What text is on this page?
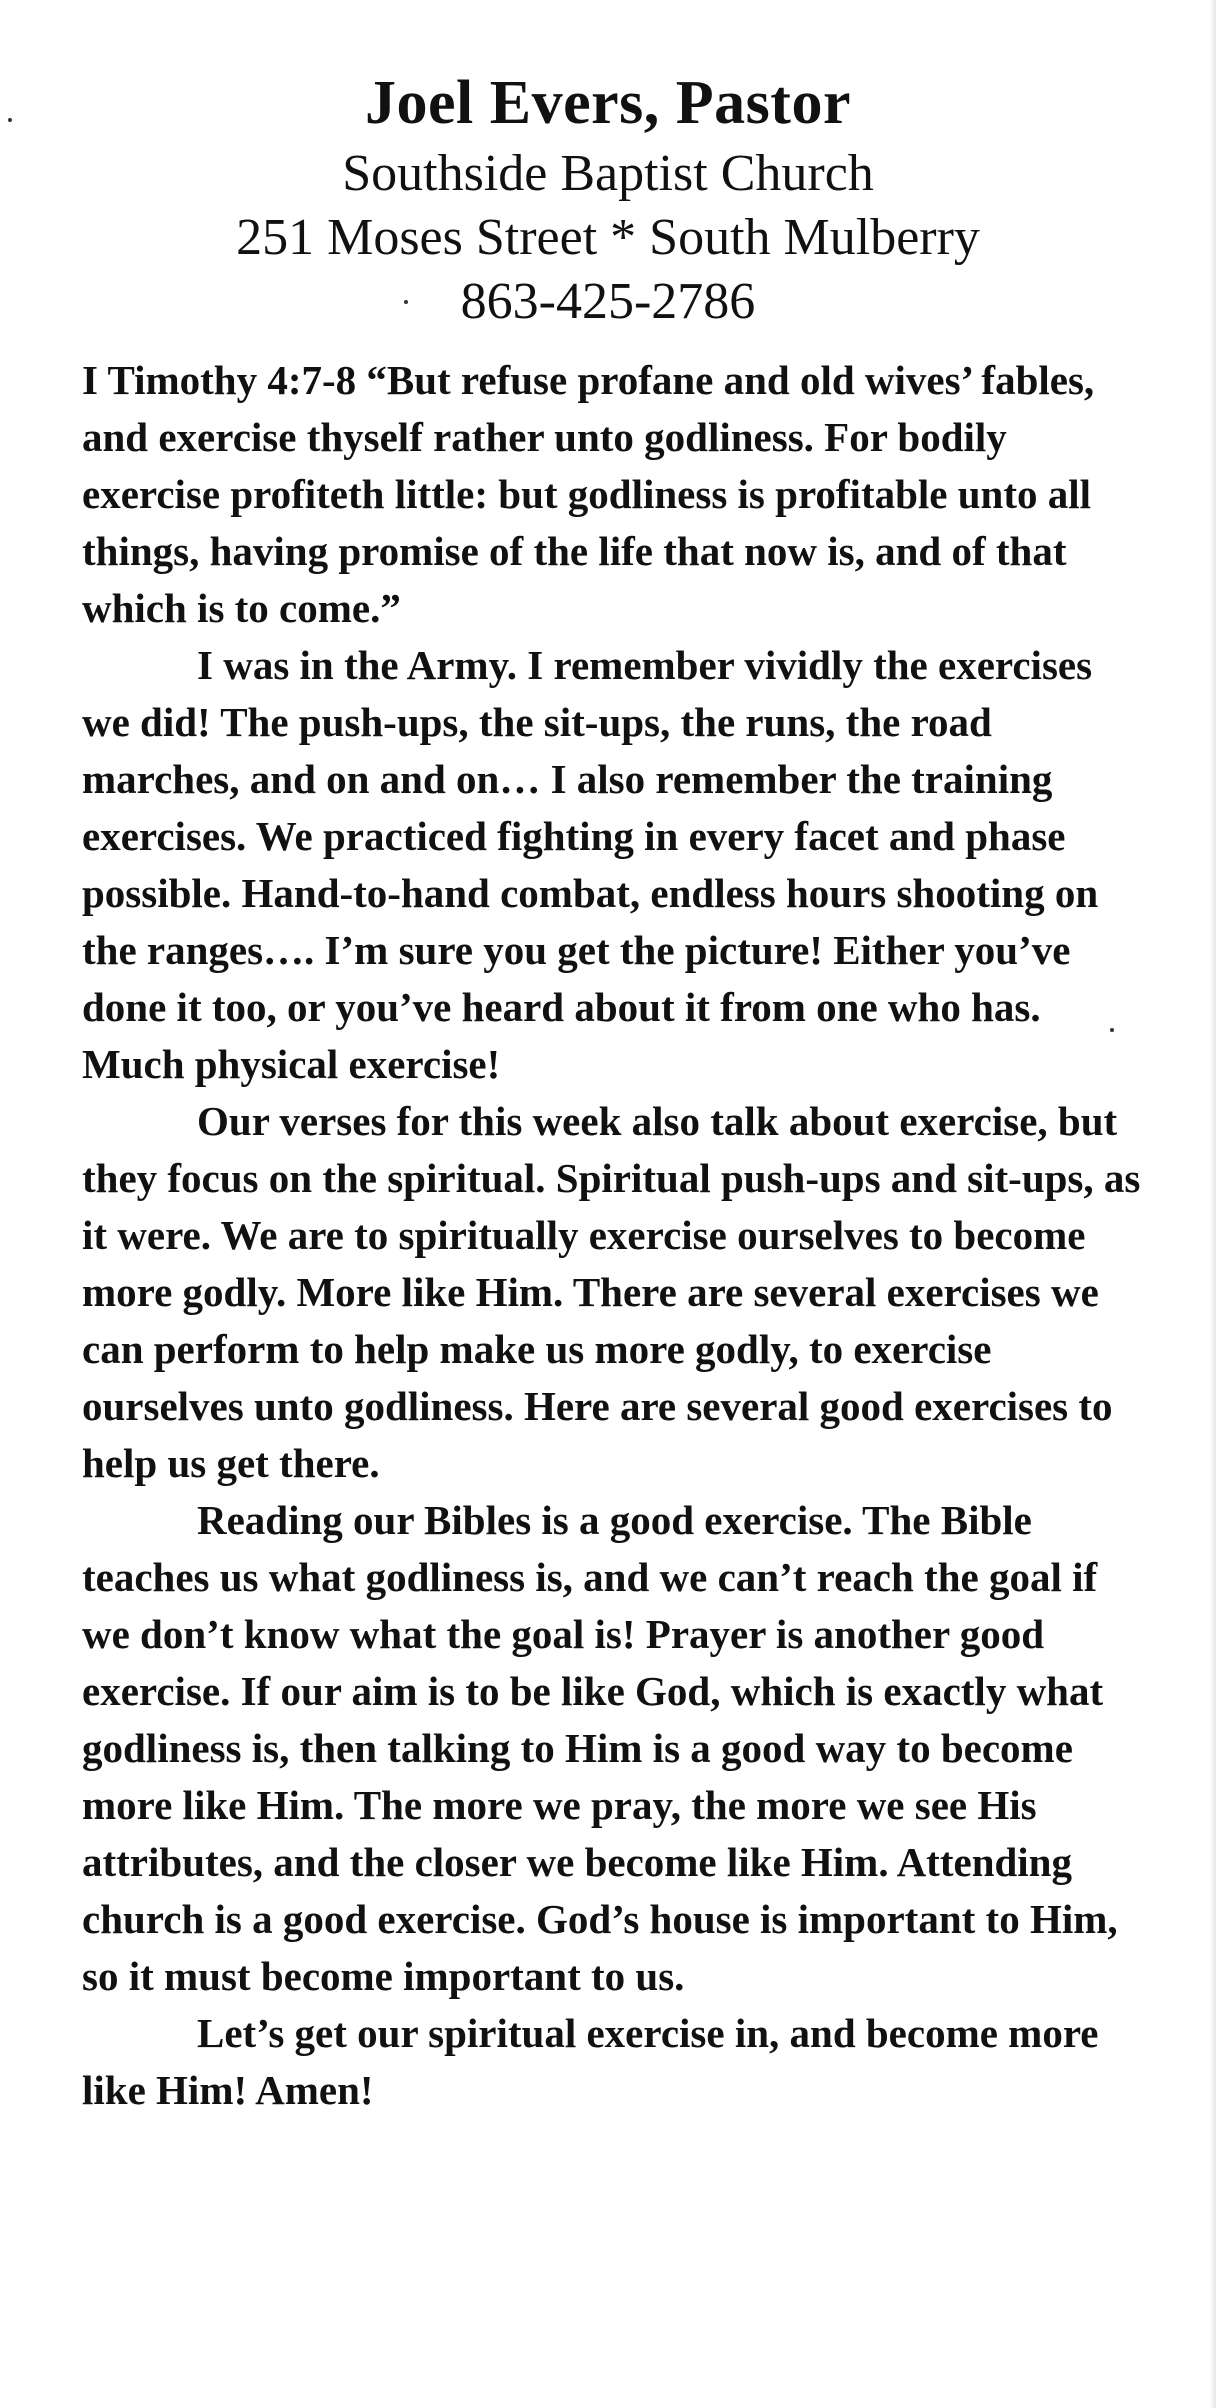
Joel Evers, Pastor

Southside Baptist Church

251 Moses Street * South Mulberry

863-425-2786

I Timothy 4:7-8 “But refuse profane and old wives’ fables, and exercise thyself rather unto godliness. For bodily exercise profiteth little: but godliness is profitable unto all things, having promise of the life that now is, and of that which is to come.”

I was in the Army. I remember vividly the exercises we did! The push-ups, the sit-ups, the runs, the road marches, and on and on… I also remember the training exercises. We practiced fighting in every facet and phase possible. Hand-to-hand combat, endless hours shooting on the ranges…. I’m sure you get the picture! Either you’ve done it too, or you’ve heard about it from one who has. Much physical exercise!

Our verses for this week also talk about exercise, but they focus on the spiritual. Spiritual push-ups and sit-ups, as it were. We are to spiritually exercise ourselves to become more godly. More like Him. There are several exercises we can perform to help make us more godly, to exercise ourselves unto godliness. Here are several good exercises to help us get there.

Reading our Bibles is a good exercise. The Bible teaches us what godliness is, and we can’t reach the goal if we don’t know what the goal is! Prayer is another good exercise. If our aim is to be like God, which is exactly what godliness is, then talking to Him is a good way to become more like Him. The more we pray, the more we see His attributes, and the closer we become like Him. Attending church is a good exercise. God’s house is important to Him, so it must become important to us.

Let’s get our spiritual exercise in, and become more like Him! Amen!
